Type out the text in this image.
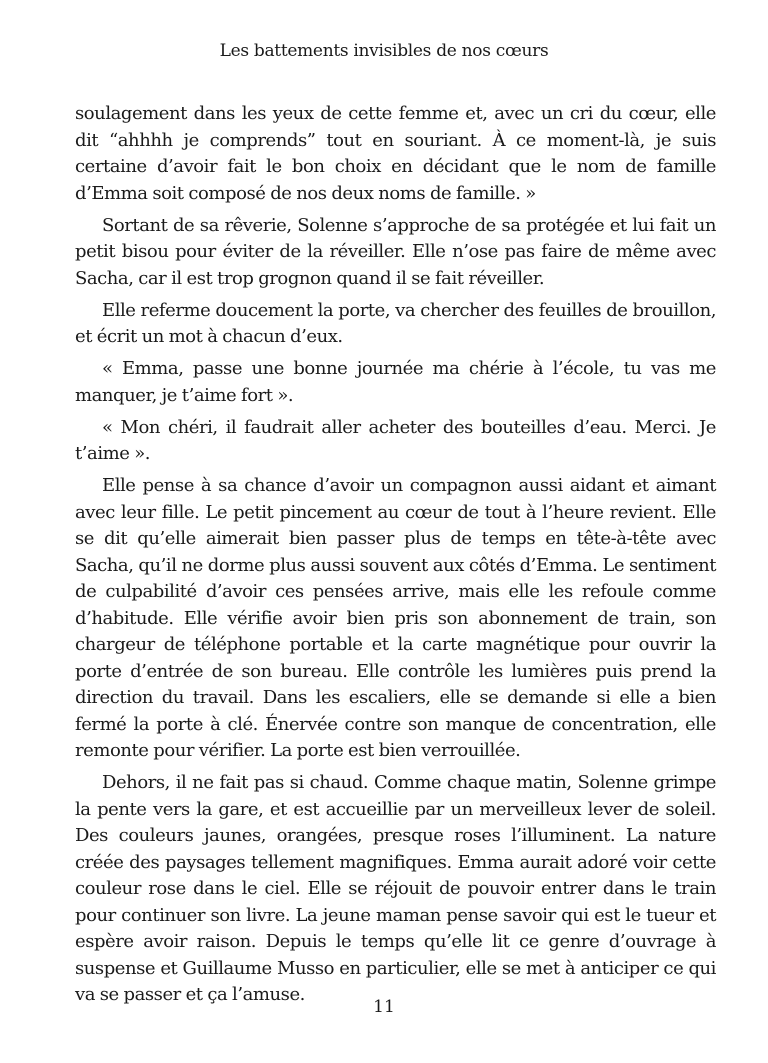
Les battements invisibles de nos cœurs

soulagement dans les yeux de cette femme et, avec un cri du cœur, elle dit “ahhhh je comprends” tout en souriant. À ce moment-là, je suis certaine d’avoir fait le bon choix en décidant que le nom de famille d’Emma soit composé de nos deux noms de famille. »

Sortant de sa rêverie, Solenne s’approche de sa protégée et lui fait un petit bisou pour éviter de la réveiller. Elle n’ose pas faire de même avec Sacha, car il est trop grognon quand il se fait réveiller.

Elle referme doucement la porte, va chercher des feuilles de brouillon, et écrit un mot à chacun d’eux.

« Emma, passe une bonne journée ma chérie à l’école, tu vas me manquer, je t’aime fort ».

« Mon chéri, il faudrait aller acheter des bouteilles d’eau. Merci. Je t’aime ».

Elle pense à sa chance d’avoir un compagnon aussi aidant et aimant avec leur fille. Le petit pincement au cœur de tout à l’heure revient. Elle se dit qu’elle aimerait bien passer plus de temps en tête-à-tête avec Sacha, qu’il ne dorme plus aussi souvent aux côtés d’Emma. Le sentiment de culpabilité d’avoir ces pensées arrive, mais elle les refoule comme d’habitude. Elle vérifie avoir bien pris son abonnement de train, son chargeur de téléphone portable et la carte magnétique pour ouvrir la porte d’entrée de son bureau. Elle contrôle les lumières puis prend la direction du travail. Dans les escaliers, elle se demande si elle a bien fermé la porte à clé. Énervée contre son manque de concentration, elle remonte pour vérifier. La porte est bien verrouillée.

Dehors, il ne fait pas si chaud. Comme chaque matin, Solenne grimpe la pente vers la gare, et est accueillie par un merveilleux lever de soleil. Des couleurs jaunes, orangées, presque roses l’illuminent. La nature créée des paysages tellement magnifiques. Emma aurait adoré voir cette couleur rose dans le ciel. Elle se réjouit de pouvoir entrer dans le train pour continuer son livre. La jeune maman pense savoir qui est le tueur et espère avoir raison. Depuis le temps qu’elle lit ce genre d’ouvrage à suspense et Guillaume Musso en particulier, elle se met à anticiper ce qui va se passer et ça l’amuse.

11
